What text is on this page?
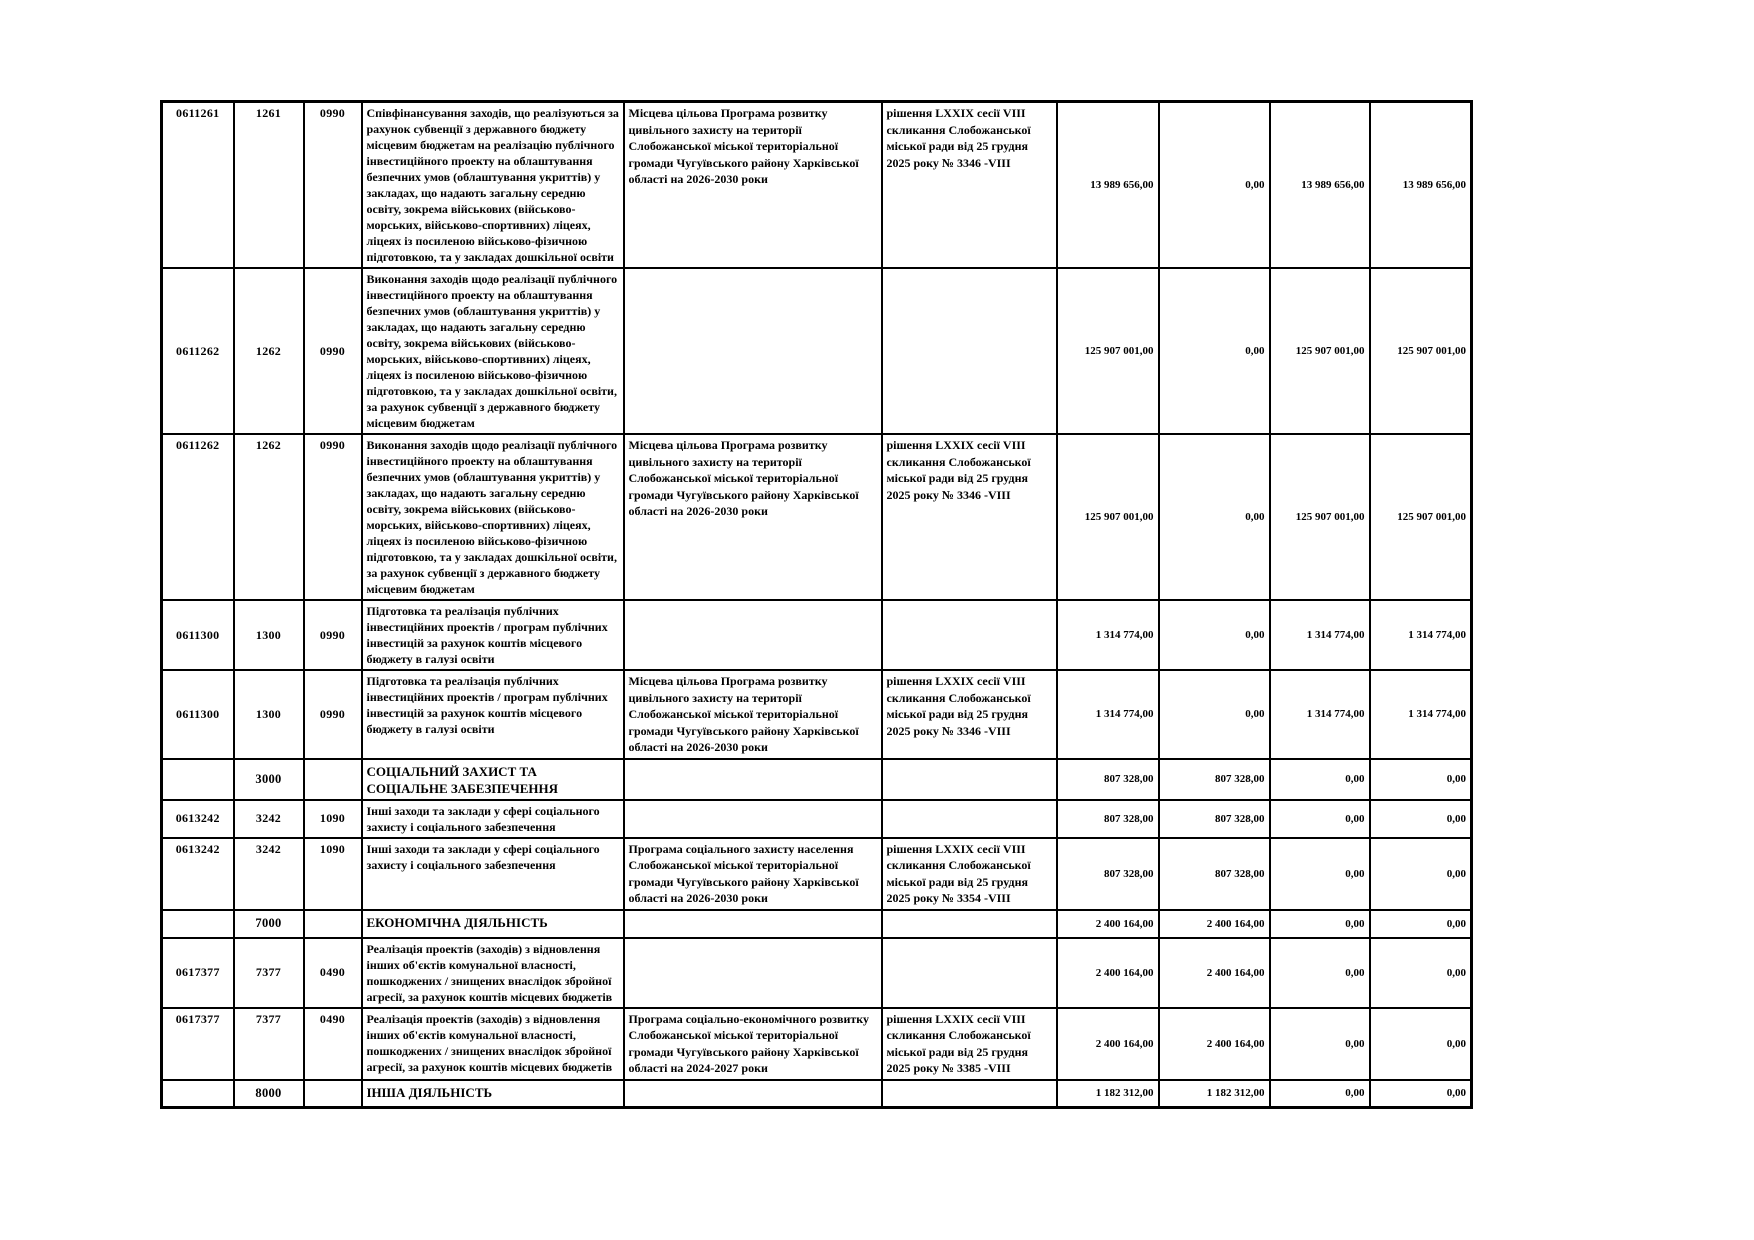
0611261	1261	0990	Співфінансування заходів, що реалізуються за рахунок субвенції з державного бюджету місцевим бюджетам на реалізацію публічного інвестиційного проекту на облаштування безпечних умов (облаштування укриттів) у закладах, що надають загальну середню освіту, зокрема військових (військово-морських, військово-спортивних) ліцеях, ліцеях із посиленою військово-фізичною підготовкою, та у закладах дошкільної освіти	Місцева цільова Програма розвитку цивільного захисту на території Слобожанської міської територіальної громади Чугуївського району Харківської області на 2026-2030 роки	рішення LXXIX сесії VIII скликання Слобожанської міської ради від 25 грудня 2025 року № 3346 -VIII	13 989 656,00	0,00	13 989 656,00	13 989 656,00
0611262	1262	0990	Виконання заходів щодо реалізації публічного інвестиційного проекту на облаштування безпечних умов (облаштування укриттів) у закладах, що надають загальну середню освіту, зокрема військових (військово-морських, військово-спортивних) ліцеях, ліцеях із посиленою військово-фізичною підготовкою, та у закладах дошкільної освіти, за рахунок субвенції з державного бюджету місцевим бюджетам			125 907 001,00	0,00	125 907 001,00	125 907 001,00
0611262	1262	0990	Виконання заходів щодо реалізації публічного інвестиційного проекту на облаштування безпечних умов (облаштування укриттів) у закладах, що надають загальну середню освіту, зокрема військових (військово-морських, військово-спортивних) ліцеях, ліцеях із посиленою військово-фізичною підготовкою, та у закладах дошкільної освіти, за рахунок субвенції з державного бюджету місцевим бюджетам	Місцева цільова Програма розвитку цивільного захисту на території Слобожанської міської територіальної громади Чугуївського району Харківської області на 2026-2030 роки	рішення LXXIX сесії VIII скликання Слобожанської міської ради від 25 грудня 2025 року № 3346 -VIII	125 907 001,00	0,00	125 907 001,00	125 907 001,00
0611300	1300	0990	Підготовка та реалізація публічних інвестиційних проектів / програм публічних інвестицій за рахунок коштів місцевого бюджету в галузі освіти			1 314 774,00	0,00	1 314 774,00	1 314 774,00
0611300	1300	0990	Підготовка та реалізація публічних інвестиційних проектів / програм публічних інвестицій за рахунок коштів місцевого бюджету в галузі освіти	Місцева цільова Програма розвитку цивільного захисту на території Слобожанської міської територіальної громади Чугуївського району Харківської області на 2026-2030 роки	рішення LXXIX сесії VIII скликання Слобожанської міської ради від 25 грудня 2025 року № 3346 -VIII	1 314 774,00	0,00	1 314 774,00	1 314 774,00
	3000		СОЦІАЛЬНИЙ ЗАХИСТ ТА СОЦІАЛЬНЕ ЗАБЕЗПЕЧЕННЯ			807 328,00	807 328,00	0,00	0,00
0613242	3242	1090	Інші заходи та заклади у сфері соціального захисту і соціального забезпечення			807 328,00	807 328,00	0,00	0,00
0613242	3242	1090	Інші заходи та заклади у сфері соціального захисту і соціального забезпечення	Програма соціального захисту населення Слобожанської міської територіальної громади Чугуївського району Харківської області на 2026-2030 роки	рішення LXXIX сесії VIII скликання Слобожанської міської ради від 25 грудня 2025 року № 3354 -VIII	807 328,00	807 328,00	0,00	0,00
	7000		ЕКОНОМІЧНА ДІЯЛЬНІСТЬ			2 400 164,00	2 400 164,00	0,00	0,00
0617377	7377	0490	Реалізація проектів (заходів) з відновлення інших об'єктів комунальної власності, пошкоджених / знищених внаслідок збройної агресії, за рахунок коштів місцевих бюджетів			2 400 164,00	2 400 164,00	0,00	0,00
0617377	7377	0490	Реалізація проектів (заходів) з відновлення інших об'єктів комунальної власності, пошкоджених / знищених внаслідок збройної агресії, за рахунок коштів місцевих бюджетів	Програма соціально-економічного розвитку Слобожанської міської територіальної громади Чугуївського району Харківської області на 2024-2027 роки	рішення LXXIX сесії VIII скликання Слобожанської міської ради від 25 грудня 2025 року № 3385 -VIII	2 400 164,00	2 400 164,00	0,00	0,00
	8000		ІНША ДІЯЛЬНІСТЬ			1 182 312,00	1 182 312,00	0,00	0,00
